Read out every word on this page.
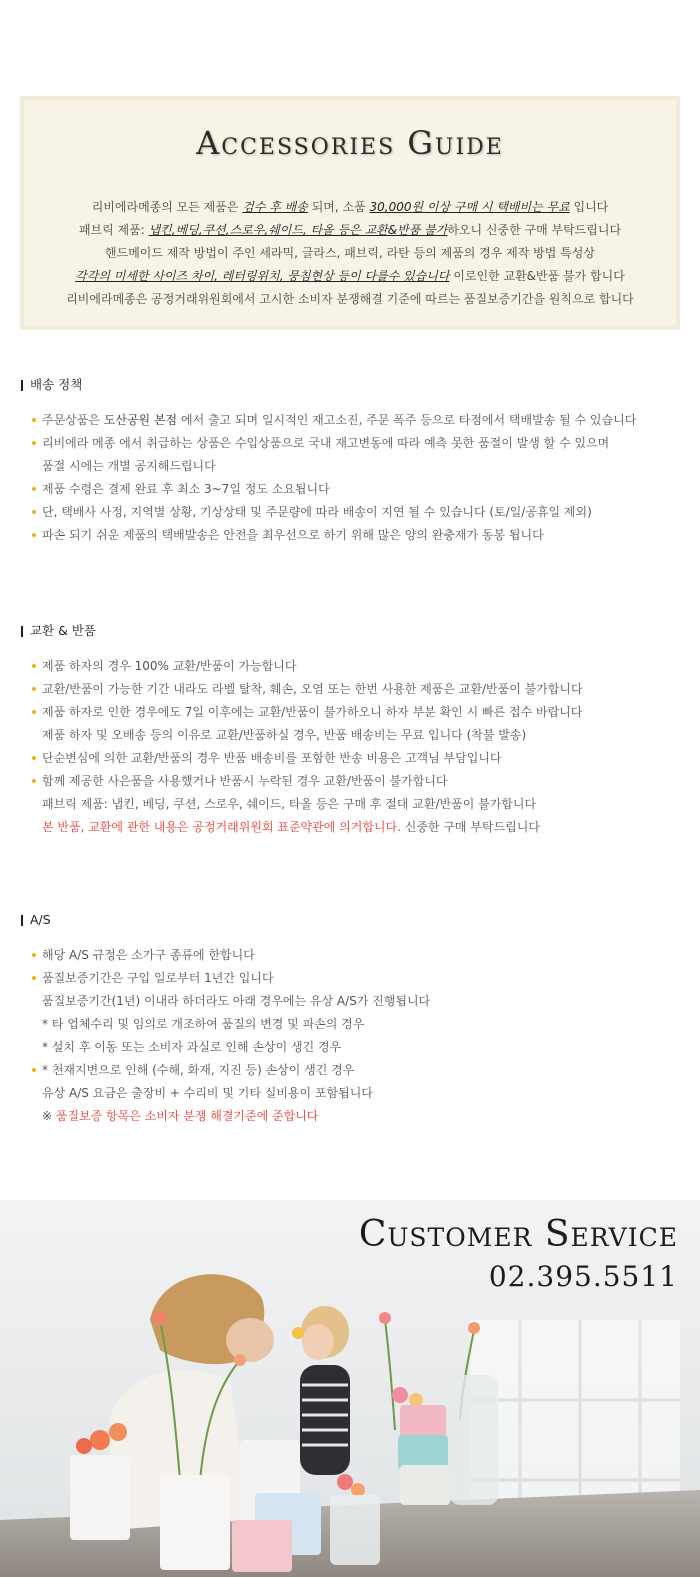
Accessories Guide
리비에라메종의 모든 제품은 검수 후 배송 되며, 소품 30,000원 이상 구매 시 택배비는 무료 입니다
패브릭 제품: 냅킨,베딩,쿠션,스로우,쉐이드, 타올 등은 교환&반품 불가하오니 신중한 구매 부탁드립니다
핸드메이드 제작 방법이 주인 세라믹, 글라스, 패브릭, 라탄 등의 제품의 경우 제작 방법 특성상
각각의 미세한 사이즈 차이, 레터링위치, 뭉침현상 등이 다를수 있습니다 이로인한 교환&반품 불가 합니다
리비에라메종은 공정거래위원회에서 고시한 소비자 분쟁해결 기준에 따르는 품질보증기간을 원칙으로 합니다
배송 정책
주문상품은 도산공원 본점 에서 출고 되며 일시적인 재고소진, 주문 폭주 등으로 타점에서 택배발송 될 수 있습니다
리비에라 메종 에서 취급하는 상품은 수입상품으로 국내 재고변동에 따라 예측 못한 품절이 발생 할 수 있으며
품절 시에는 개별 공지해드립니다
제품 수령은 결제 완료 후 최소 3~7일 정도 소요됩니다
단, 택배사 사정, 지역별 상황, 기상상태 및 주문량에 따라 배송이 지연 될 수 있습니다 (토/일/공휴일 제외)
파손 되기 쉬운 제품의 택배발송은 안전을 최우선으로 하기 위해 많은 양의 완충재가 동봉 됩니다
교환 & 반품
제품 하자의 경우 100% 교환/반품이 가능합니다
교환/반품이 가능한 기간 내라도 라벨 탈착, 훼손, 오염 또는 한번 사용한 제품은 교환/반품이 불가합니다
제품 하자로 인한 경우에도 7일 이후에는 교환/반품이 불가하오니 하자 부분 확인 시 빠른 접수 바랍니다
제품 하자 및 오배송 등의 이유로 교환/반품하실 경우, 반품 배송비는 무료 입니다 (착불 발송)
단순변심에 의한 교환/반품의 경우 반품 배송비를 포함한 반송 비용은 고객님 부담입니다
함께 제공한 사은품을 사용했거나 반품시 누락된 경우 교환/반품이 불가합니다
패브릭 제품: 냅킨, 베딩, 쿠션, 스로우, 쉐이드, 타올 등은 구매 후 절대 교환/반품이 불가합니다
본 반품, 교환에 관한 내용은 공정거래위원회 표준약관에 의거합니다. 신중한 구매 부탁드립니다
A/S
해당 A/S 규정은 소가구 종류에 한합니다
품질보증기간은 구입 일로부터 1년간 입니다
품질보증기간(1년) 이내라 하더라도 아래 경우에는 유상 A/S가 진행됩니다
* 타 업체수리 및 임의로 개조하여 품질의 변경 및 파손의 경우
* 설치 후 이동 또는 소비자 과실로 인해 손상이 생긴 경우
* 천재지변으로 인해 (수해, 화재, 지진 등) 손상이 생긴 경우
유상 A/S 요금은 출장비 + 수리비 및 기타 실비용이 포함됩니다
※ 품질보증 항목은 소비자 분쟁 해결기준에 준합니다
Customer Service
02.395.5511
